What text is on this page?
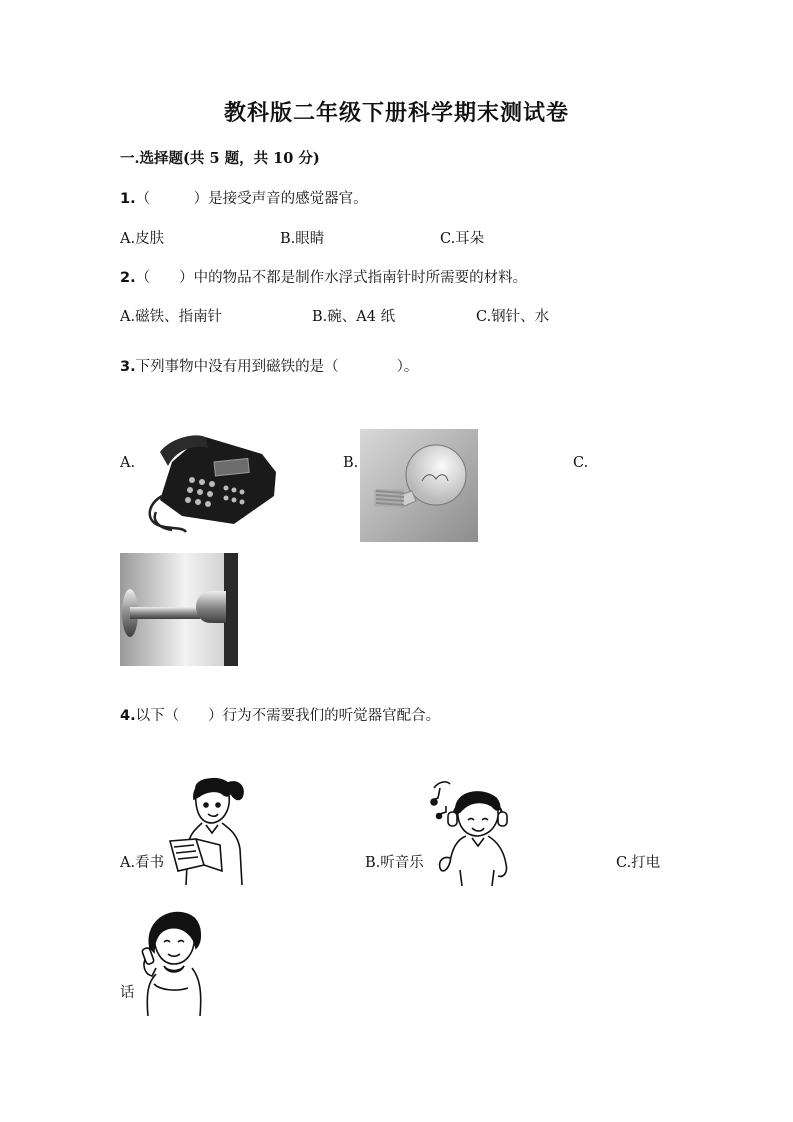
教科版二年级下册科学期末测试卷
一.选择题(共 5 题，共 10 分)
1.（　　　）是接受声音的感觉器官。
A.皮肤	B.眼睛	C.耳朵
2.（　　）中的物品不都是制作水浮式指南针时所需要的材料。
A.磁铁、指南针	B.碗、A4 纸	C.钢针、水
3.下列事物中没有用到磁铁的是（　　　　）。
A.	B.	C.
4.以下（　　）行为不需要我们的听觉器官配合。
A.看书	B.听音乐	C.打电
话
